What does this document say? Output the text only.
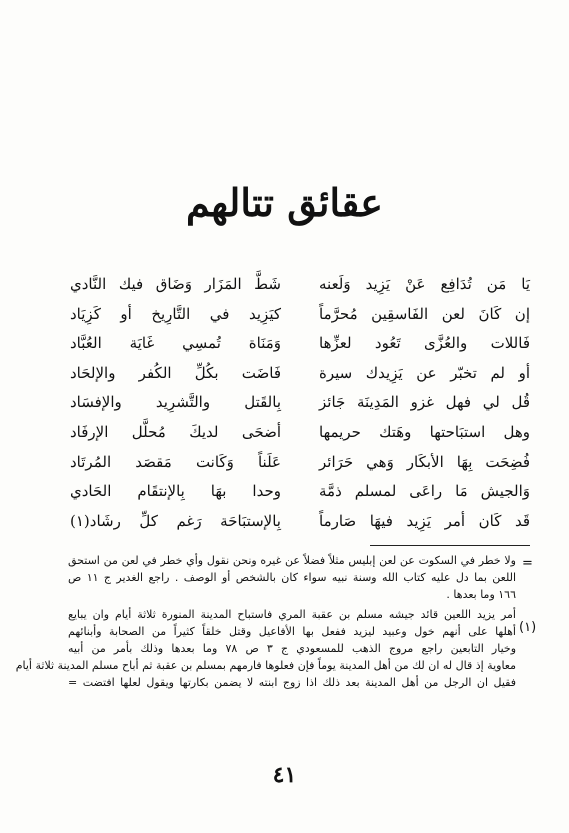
عقائق تتالهم
يَا مَن تُدَافِع عَنْ يَزِيد وَلَعنه
شَطَّ المَزَار وَضَاق فيك النَّادي
إن كَانَ لعن الفَاسقِين مُحرَّماً
كيَزِيد في التَّارِيخ أو كَزِيَاد
فَاللات والعُزَّى تَعُود لعزِّها
وَمَنَاة تُمسِي غَايَة العُبَّاد
أو لم تخبّر عن يَزِيدك سيرة
فَاضَت بكُلِّ الكُفر والإلحَاد
قُل لي فهل غزو المَدِينَة جَائز
بِالقَتل والتَّشرِيد والإفسَاد
وهل استبَاحتها وهَتك حريمها
أضحَى لديكَ مُحلَّل الإرفَاد
فُضِحَت بِهَا الأبكَار وَهي حَرَائر
عَلَناً وَكَانت مَقصَد المُرتَاد
وَالجيش مَا راعَى لمسلم ذمَّة
وحدا بهَا بِالإنتقَام الحَادي
قَد كَان أمر يَزِيد فيهَا صَارماً
بِالإستبَاحَة رَغم كلِّ رشَاد(١)
=
(١)
ولا خطر في السكوت عن لعن إبليس مثلاً فضلاً عن غيره ونحن نقول وأي خطر في لعن من استحق
اللعن بما دل عليه كتاب الله وسنة نبيه سواء كان بالشخص أو الوصف . راجع الغدير ج ١١ ص
١٦٦ وما بعدها .
أمر يزيد اللعين قائد جيشه مسلم بن عقبة المري فاستباح المدينة المنورة ثلاثة أيام وان يبايع
أهلها على أنهم خول وعبيد ليزيد ففعل بها الأفاعيل وقتل خلقاً كثيراً من الصحابة وأبنائهم
وخيار التابعين راجع مروج الذهب للمسعودي ج ٣ ص ٧٨ وما بعدها وذلك بأمر من أبيه
معاوية إذ قال له ان لك من أهل المدينة يوماً فإن فعلوها فارمهم بمسلم بن عقبة ثم أباح مسلم المدينة ثلاثة أيام
فقيل ان الرجل من أهل المدينة بعد ذلك اذا زوج ابنته لا يضمن بكارتها ويقول لعلها افتضت =
٤١
